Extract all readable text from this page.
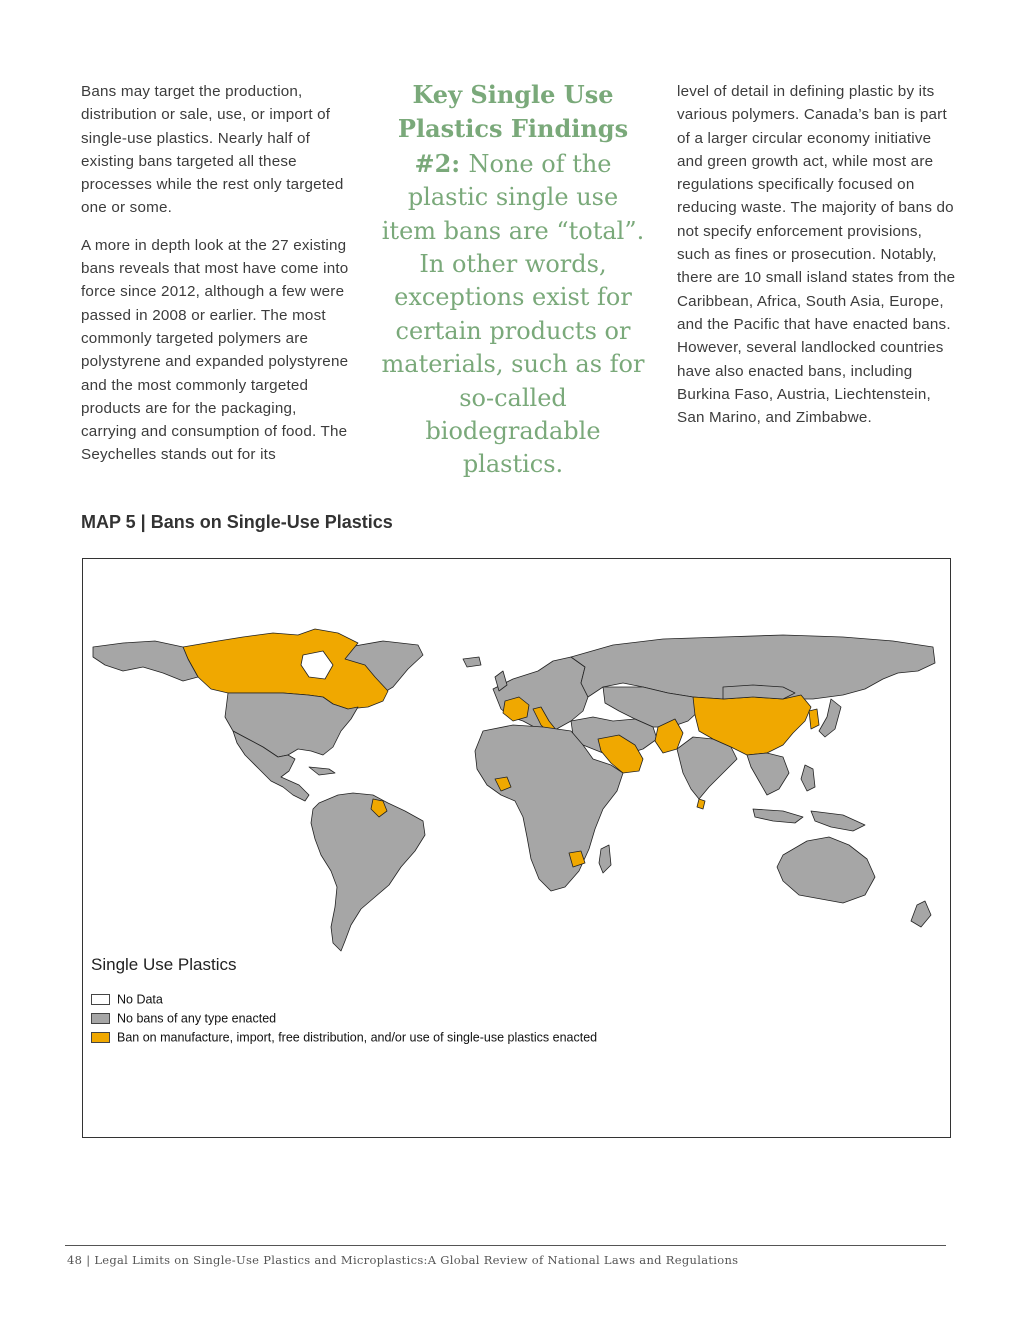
Bans may target the production, distribution or sale, use, or import of single-use plastics. Nearly half of existing bans targeted all these processes while the rest only targeted one or some.

A more in depth look at the 27 existing bans reveals that most have come into force since 2012, although a few were passed in 2008 or earlier. The most commonly targeted polymers are polystyrene and expanded polystyrene and the most commonly targeted products are for the packaging, carrying and consumption of food. The Seychelles stands out for its

Key Single Use Plastics Findings #2: None of the plastic single use item bans are “total”. In other words, exceptions exist for certain products or materials, such as for so-called biodegradable plastics.

level of detail in defining plastic by its various polymers. Canada’s ban is part of a larger circular economy initiative and green growth act, while most are regulations specifically focused on reducing waste. The majority of bans do not specify enforcement provisions, such as fines or prosecution. Notably, there are 10 small island states from the Caribbean, Africa, South Asia, Europe, and the Pacific that have enacted bans. However, several landlocked countries have also enacted bans, including Burkina Faso, Austria, Liechtenstein, San Marino, and Zimbabwe.

MAP 5 | Bans on Single-Use Plastics
Single Use Plastics
No Data
No bans of any type enacted
Ban on manufacture, import, free distribution, and/or use of single-use plastics enacted
48 | Legal Limits on Single-Use Plastics and Microplastics:A Global Review of National Laws and Regulations
